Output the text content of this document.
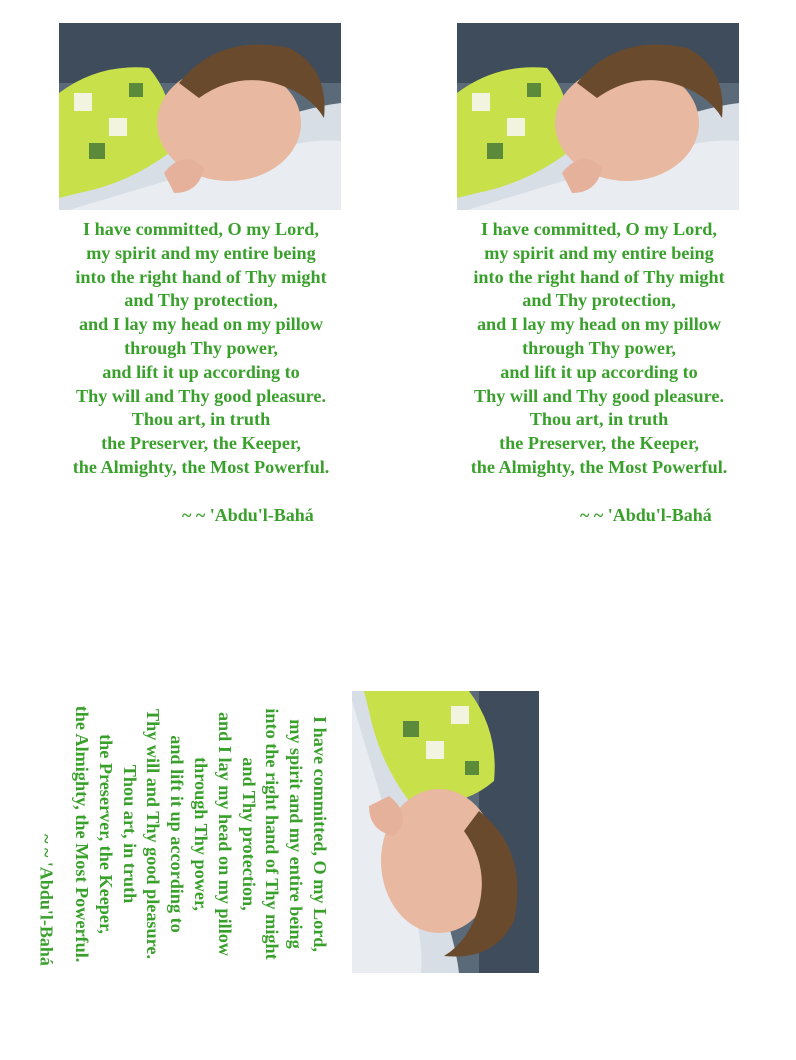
I have committed, O my Lord,
my spirit and my entire being
into the right hand of Thy might
and Thy protection,
and I lay my head on my pillow
through Thy power,
and lift it up according to
Thy will and Thy good pleasure.
Thou art, in truth
the Preserver, the Keeper,
the Almighty, the Most Powerful.
~ ~ 'Abdu'l-Bahá
I have committed, O my Lord,
my spirit and my entire being
into the right hand of Thy might
and Thy protection,
and I lay my head on my pillow
through Thy power,
and lift it up according to
Thy will and Thy good pleasure.
Thou art, in truth
the Preserver, the Keeper,
the Almighty, the Most Powerful.
~ ~ 'Abdu'l-Bahá
I have committed, O my Lord,
my spirit and my entire being
into the right hand of Thy might
and Thy protection,
and I lay my head on my pillow
through Thy power,
and lift it up according to
Thy will and Thy good pleasure.
Thou art, in truth
the Preserver, the Keeper,
the Almighty, the Most Powerful.
~ ~ 'Abdu'l-Bahá
